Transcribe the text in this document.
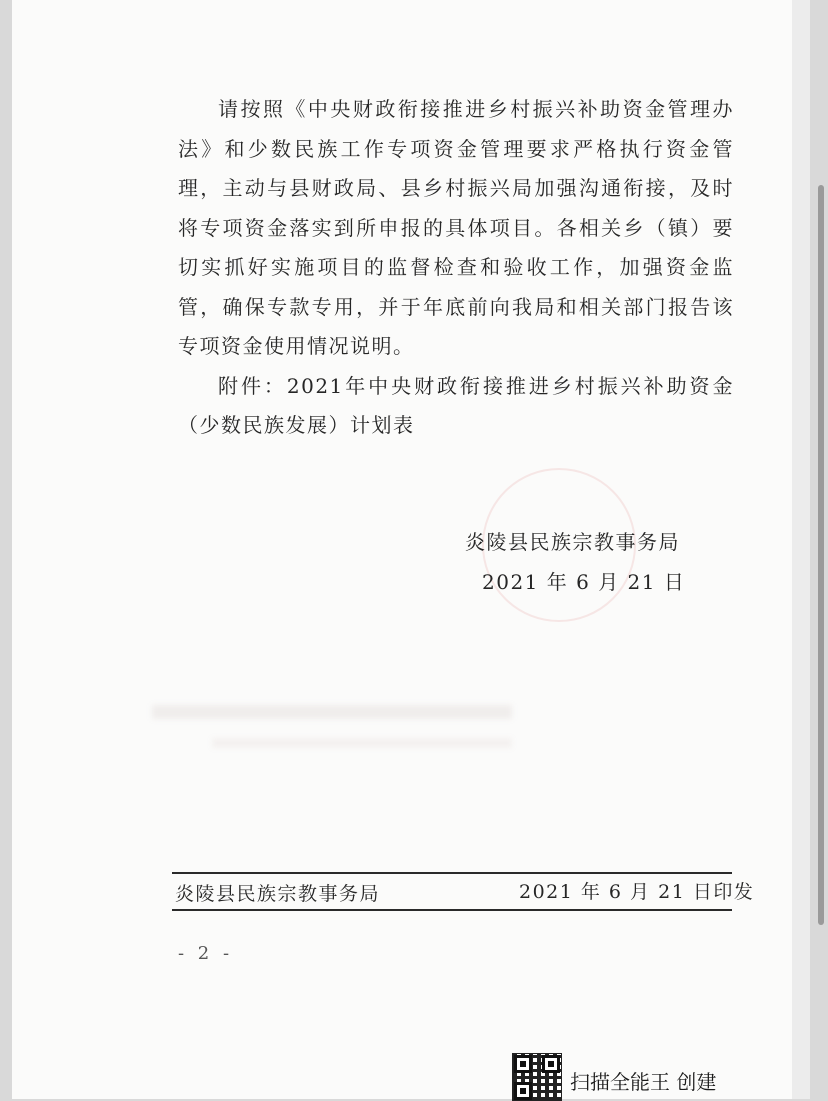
请按照《中央财政衔接推进乡村振兴补助资金管理办法》和少数民族工作专项资金管理要求严格执行资金管理，主动与县财政局、县乡村振兴局加强沟通衔接，及时将专项资金落实到所申报的具体项目。各相关乡（镇）要切实抓好实施项目的监督检查和验收工作，加强资金监管，确保专款专用，并于年底前向我局和相关部门报告该专项资金使用情况说明。

附件：2021年中央财政衔接推进乡村振兴补助资金（少数民族发展）计划表

炎陵县民族宗教事务局
2021 年 6 月 21 日
炎陵县民族宗教事务局	2021 年 6 月 21 日印发
- 2 -
扫描全能王 创建
